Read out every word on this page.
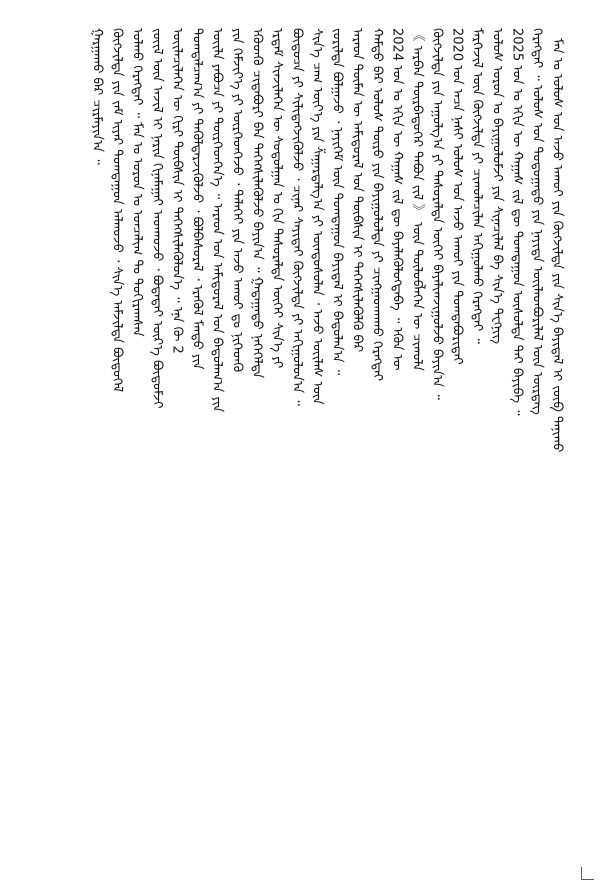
ᠮᠠᠨ ᠤ ᠤᠯᠤᠰ ᠤᠨ ᠠᠵᠤ ᠠᠬᠤᠢ ᠶᠢᠨ ᠬᠥᠭᠵᠢᠯᠲᠡ ᠶᠢᠨ ᠰᠢᠨ᠎ᠡ ᠪᠠᠶᠢᠳᠠᠯ ᠢ ᠵᠥᠪ ᠲᠠᠨᠢᠬᠤ
ᠬᠡᠷᠡᠭᠲᠡᠢ ᠃ ᠤᠯᠤᠰ ᠤᠨ ᠳᠣᠲᠣᠭᠠᠳᠤ ᠶᠢᠨ ᠨᠡᠶᠢᠲᠡ ᠦᠢᠯᠡᠳᠪᠦᠷᠢᠯᠡᠯ ᠦᠨ ᠦᠷᠲᠡᠭ
2025 ᠣᠨ ᠤ ᠡᠬᠢᠨ ᠦ ᠬᠠᠭᠠᠰ ᠵᠢᠯ ᠳᠦ ᠲᠣᠭᠲᠠᠭᠤᠨ ᠥᠰᠦᠯᠲᠡ ᠲᠡᠢ ᠪᠠᠶᠢᠪᠠ ᠃
ᠤᠯᠤᠰ ᠣᠷᠣᠨ ᠤ ᠪᠠᠶᠢᠭᠤᠯᠤᠮᠵᠢ ᠶᠢᠨ ᠰᠢᠨᠡᠴᠢᠯᠡᠯ ᠪᠠ ᠰᠢᠨ᠎ᠡ ᠲᠧᠭᠨᠢᠭ
ᠮᠡᠷᠭᠡᠵᠢᠯ ᠦᠨ ᠬᠥᠭᠵᠢᠯᠲᠡ ᠶᠢ ᠴᠢᠬᠤᠯᠠᠴᠢᠯᠠᠨ ᠠᠬᠢᠭᠤᠯᠬᠤ ᠬᠡᠷᠡᠭᠲᠡᠢ ᠃
2020 ᠣᠨ ᠠᠴᠠ ᠨᠠᠰᠢ ᠤᠯᠤᠰ ᠤᠨ ᠠᠵᠤ ᠠᠬᠤᠢ ᠶᠢᠨ ᠲᠣᠭᠲᠠᠪᠤᠷᠢᠲᠠᠢ
ᠬᠥᠭᠵᠢᠯᠲᠡ ᠶᠢᠨ ᠠᠭᠤᠯᠭ᠎ᠠ ᠶᠢ ᠲᠠᠰᠤᠷᠠᠯᠲᠠ ᠦᠭᠡᠢ ᠪᠠᠶᠠᠯᠢᠭᠵᠢᠭᠤᠯᠵᠤ ᠪᠠᠶᠢᠨ᠎ᠠ ᠃
《 ᠠᠷᠪᠠᠨ ᠳᠥᠷᠪᠡᠳᠦᠭᠡᠷ ᠲᠠᠪᠤᠨ ᠵᠢᠯ 》 ᠦᠨ ᠲᠥᠯᠥᠪᠯᠡᠭᠡᠨ ᠦ ᠴᠢᠬᠤᠯᠠ
2024 ᠣᠨ ᠤ ᠡᠬᠢᠨ ᠦ ᠬᠠᠭᠠᠰ ᠵᠢᠯ ᠳᠦ ᠪᠡᠶᠡᠯᠡᠭᠦᠯᠦᠭᠳᠡᠪᠡ ᠃ ᠡᠭᠦᠨ ᠦ
ᠬᠠᠮᠲᠤ ᠪᠠᠷ ᠤᠯᠤᠰ ᠲᠥᠷᠥ ᠶᠢᠨ ᠪᠠᠶᠢᠭᠤᠯᠤᠯᠲᠠ ᠶᠢ ᠴᠢᠩᠭᠠᠳᠬᠠᠬᠤ ᠬᠡᠷᠡᠭᠲᠡᠢ
ᠠᠷᠠᠳ ᠲᠦᠮᠡᠨ ᠦ ᠠᠮᠢᠳᠤᠷᠠᠯ ᠤᠨ ᠲᠦᠪᠰᠢᠨ ᠢ ᠳᠡᠭᠡᠭᠰᠢᠯᠡᠭᠦᠯᠬᠦ ᠪᠡᠷ
ᠵᠣᠷᠢᠯᠲᠠ ᠪᠣᠯᠭᠠᠵᠤ ᠂ ᠨᠡᠶᠢᠭᠡᠮ ᠦᠨ ᠲᠣᠭᠲᠠᠭᠤᠨ ᠪᠠᠶᠢᠳᠠᠯ ᠢ ᠪᠠᠲᠤᠯᠠᠨ᠎ᠠ ᠃
ᠰᠢᠨ᠎ᠡ ᠴᠠᠭ ᠦᠶ᠎ᠡ ᠶᠢᠨ ᠱᠠᠭᠠᠷᠳᠠᠯᠭ᠎ᠠ ᠶᠢ ᠦᠨᠳᠦᠰᠦᠯᠡᠨ ᠂ ᠠᠵᠤ ᠦᠢᠯᠡᠰ ᠦᠨ
ᠪᠦᠲᠦᠴᠡ ᠶᠢ ᠰᠢᠯᠢᠳᠡᠭᠵᠢᠭᠦᠯᠵᠦ ᠂ ᠴᠢᠨᠠᠷ ᠰᠠᠶᠢᠲᠠᠢ ᠬᠥᠭᠵᠢᠯᠲᠡ ᠶᠢ ᠠᠬᠢᠭᠤᠯᠤᠨ᠎ᠠ ᠃
ᠡᠷᠳᠡᠮ ᠰᠢᠨᠵᠢᠯᠡᠭᠡᠨ ᠦ ᠰᠤᠳᠤᠯᠭᠠᠨ ᠤ ᠬᠢᠨ ᠲᠠᠰᠤᠷᠠᠯᠲᠠ ᠦᠭᠡᠢ ᠰᠢᠨ᠎ᠡ ᠶᠢ
ᠡᠭᠦᠳᠬᠦ ᠴᠢᠳᠠᠪᠤᠷᠢ ᠪᠠᠨ ᠳᠡᠭᠡᠭᠰᠢᠯᠡᠭᠦᠯᠵᠦ ᠪᠠᠶᠢᠨ᠎ᠠ ᠃ ᠭᠠᠳᠠᠭᠠᠳᠤ ᠨᠡᠭᠡᠭᠡᠯᠲᠡ
ᠶᠢᠨ ᠬᠡᠮᠵᠢᠶ᠎ᠡ ᠶᠢ ᠥᠷᠭᠡᠳᠬᠡᠵᠦ ᠂ ᠳᠡᠯᠡᠬᠡᠢ ᠶᠢᠨ ᠠᠵᠤ ᠠᠬᠤᠢ ᠳᠤ ᠨᠢᠭᠡᠳᠬᠦ
ᠦᠢᠯᠡ ᠶᠠᠪᠤᠴᠠ ᠶᠢ ᠲᠦᠷᠭᠡᠳᠬᠡᠨ᠎ᠡ ᠃ ᠠᠷᠠᠳ ᠤᠨ ᠠᠮᠢᠳᠤᠷᠠᠯ ᠤᠨ ᠪᠠᠲᠤᠯᠠᠭ᠎ᠠ ᠶᠢᠨ
ᠲᠣᠭᠲᠠᠯᠴᠠᠭ᠎ᠠ ᠶᠢ ᠲᠡᠭᠦᠯᠳᠡᠷᠵᠢᠭᠦᠯᠵᠦ ᠂ ᠪᠣᠯᠪᠠᠰᠤᠷᠠᠯ ᠂ ᠡᠷᠡᠭᠦᠯ ᠮᠡᠨᠳᠦ ᠶᠢᠨ
ᠦᠢᠯᠡᠴᠢᠯᠡᠭᠡᠨ ᠦ ᠬᠢᠷᠢ ᠲᠦᠪᠰᠢᠨ ᠢ ᠳᠡᠭᠡᠭᠰᠢᠯᠡᠭᠦᠯᠦᠨ᠎ᠡ ᠃ ᠡᠨᠡ ᠬᠦ 2
ᠵᠦᠢᠯ ᠦᠨ ᠠᠵᠢᠯ ᠢ ᠨᠠᠷᠢᠨ ᠬᠢᠨᠠᠮᠠᠭᠠᠢ ᠠᠳᠬᠤᠵᠤ ᠂ ᠪᠣᠳᠠᠲᠠᠢ ᠦᠷ᠎ᠡ ᠪᠦᠲᠦᠮᠵᠢ
ᠣᠯᠬᠤ ᠬᠡᠷᠡᠭᠲᠡᠢ ᠃ ᠮᠠᠨ ᠤ ᠣᠷᠣᠨ ᠤ ᠣᠨᠴᠠᠯᠢᠭ ᠲᠤ ᠲᠣᠬᠢᠷᠠᠭᠰᠠᠨ
ᠬᠥᠭᠵᠢᠯᠲᠡ ᠶᠢᠨ ᠵᠠᠮ ᠢᠶᠠᠷ ᠲᠣᠭᠲᠠᠭᠤᠨ ᠠᠯᠬᠤᠵᠤ ᠂ ᠰᠢᠨ᠎ᠡ ᠠᠮᠵᠢᠯᠲᠠ ᠪᠦᠲᠦᠭᠡᠯ
ᠭᠠᠷᠭᠠᠬᠤ ᠪᠠᠷ ᠴᠢᠷᠮᠠᠶᠢᠨ᠎ᠠ ᠃
